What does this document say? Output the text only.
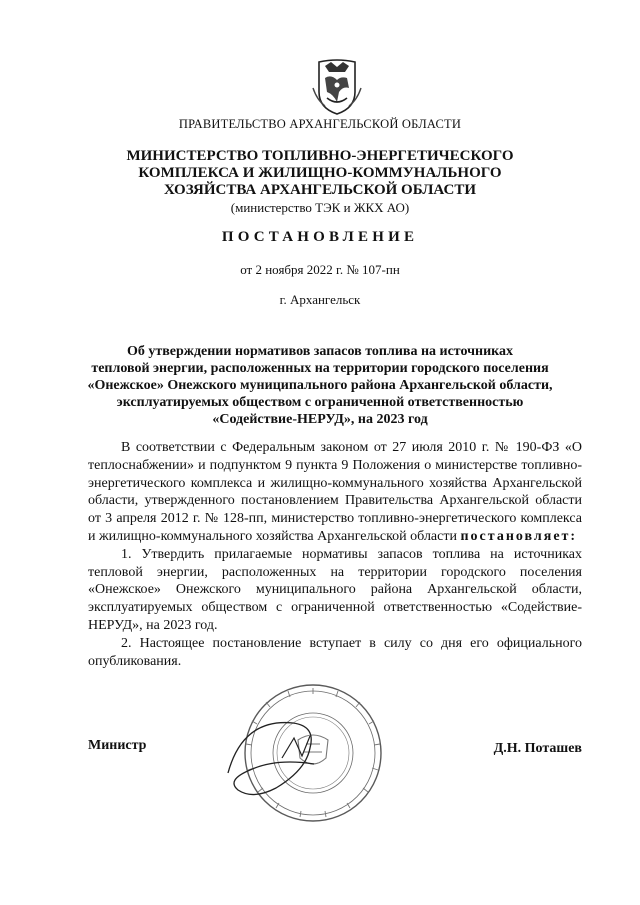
ПРАВИТЕЛЬСТВО АРХАНГЕЛЬСКОЙ ОБЛАСТИ
МИНИСТЕРСТВО ТОПЛИВНО-ЭНЕРГЕТИЧЕСКОГО
КОМПЛЕКСА И ЖИЛИЩНО-КОММУНАЛЬНОГО
ХОЗЯЙСТВА АРХАНГЕЛЬСКОЙ ОБЛАСТИ
(министерство ТЭК и ЖКХ АО)
ПОСТАНОВЛЕНИЕ
от 2 ноября 2022 г. № 107-пн
г. Архангельск
Об утверждении нормативов запасов топлива на источниках
тепловой энергии, расположенных на территории городского поселения
«Онежское» Онежского муниципального района Архангельской области,
эксплуатируемых обществом с ограниченной ответственностью
«Содействие-НЕРУД», на 2023 год

В соответствии с Федеральным законом от 27 июля 2010 г. № 190-ФЗ «О теплоснабжении» и подпунктом 9 пункта 9 Положения о министерстве топливно-энергетического комплекса и жилищно-коммунального хозяйства Архангельской области, утвержденного постановлением Правительства Архангельской области от 3 апреля 2012 г. № 128-пп, министерство топливно-энергетического комплекса и жилищно-коммунального хозяйства Архангельской области постановляет:

1. Утвердить прилагаемые нормативы запасов топлива на источниках тепловой энергии, расположенных на территории городского поселения «Онежское» Онежского муниципального района Архангельской области, эксплуатируемых обществом с ограниченной ответственностью «Содействие-НЕРУД», на 2023 год.

2. Настоящее постановление вступает в силу со дня его официального опубликования.

Министр	Д.Н. Поташев
